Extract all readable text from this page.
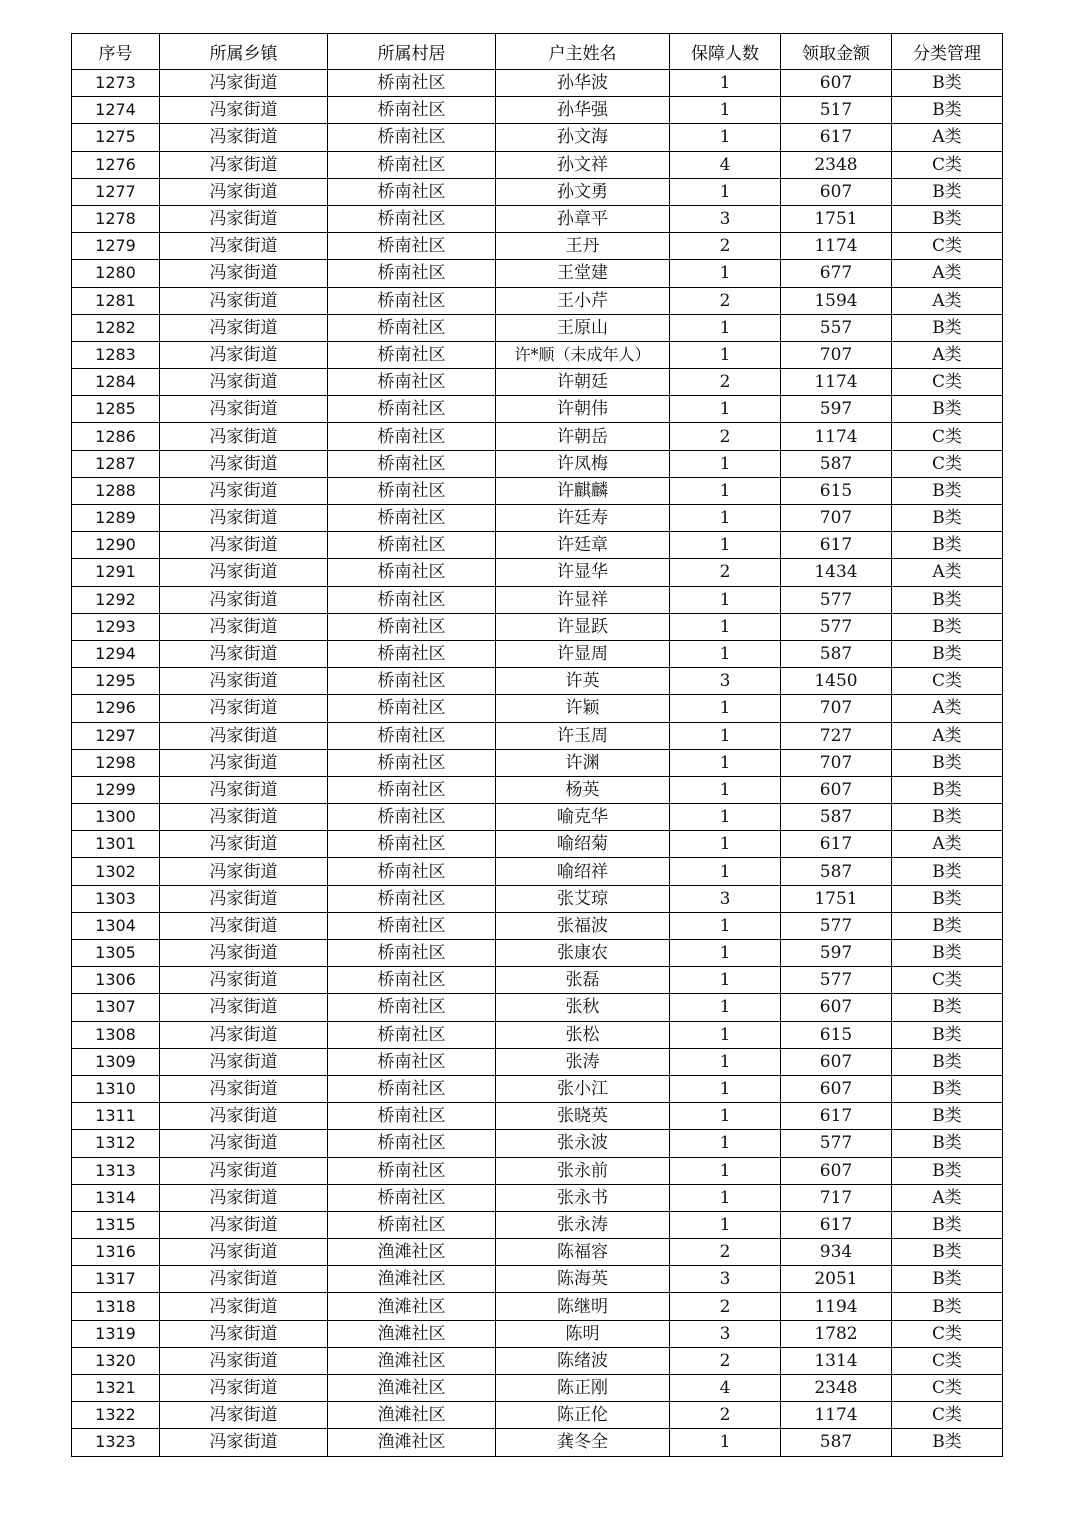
序号	所属乡镇	所属村居	户主姓名	保障人数	领取金额	分类管理
1273	冯家街道	桥南社区	孙华波	1	607	B类
1274	冯家街道	桥南社区	孙华强	1	517	B类
1275	冯家街道	桥南社区	孙文海	1	617	A类
1276	冯家街道	桥南社区	孙文祥	4	2348	C类
1277	冯家街道	桥南社区	孙文勇	1	607	B类
1278	冯家街道	桥南社区	孙章平	3	1751	B类
1279	冯家街道	桥南社区	王丹	2	1174	C类
1280	冯家街道	桥南社区	王堂建	1	677	A类
1281	冯家街道	桥南社区	王小芹	2	1594	A类
1282	冯家街道	桥南社区	王原山	1	557	B类
1283	冯家街道	桥南社区	许*顺（未成年人）	1	707	A类
1284	冯家街道	桥南社区	许朝廷	2	1174	C类
1285	冯家街道	桥南社区	许朝伟	1	597	B类
1286	冯家街道	桥南社区	许朝岳	2	1174	C类
1287	冯家街道	桥南社区	许凤梅	1	587	C类
1288	冯家街道	桥南社区	许麒麟	1	615	B类
1289	冯家街道	桥南社区	许廷寿	1	707	B类
1290	冯家街道	桥南社区	许廷章	1	617	B类
1291	冯家街道	桥南社区	许显华	2	1434	A类
1292	冯家街道	桥南社区	许显祥	1	577	B类
1293	冯家街道	桥南社区	许显跃	1	577	B类
1294	冯家街道	桥南社区	许显周	1	587	B类
1295	冯家街道	桥南社区	许英	3	1450	C类
1296	冯家街道	桥南社区	许颖	1	707	A类
1297	冯家街道	桥南社区	许玉周	1	727	A类
1298	冯家街道	桥南社区	许渊	1	707	B类
1299	冯家街道	桥南社区	杨英	1	607	B类
1300	冯家街道	桥南社区	喻克华	1	587	B类
1301	冯家街道	桥南社区	喻绍菊	1	617	A类
1302	冯家街道	桥南社区	喻绍祥	1	587	B类
1303	冯家街道	桥南社区	张艾琼	3	1751	B类
1304	冯家街道	桥南社区	张福波	1	577	B类
1305	冯家街道	桥南社区	张康农	1	597	B类
1306	冯家街道	桥南社区	张磊	1	577	C类
1307	冯家街道	桥南社区	张秋	1	607	B类
1308	冯家街道	桥南社区	张松	1	615	B类
1309	冯家街道	桥南社区	张涛	1	607	B类
1310	冯家街道	桥南社区	张小江	1	607	B类
1311	冯家街道	桥南社区	张晓英	1	617	B类
1312	冯家街道	桥南社区	张永波	1	577	B类
1313	冯家街道	桥南社区	张永前	1	607	B类
1314	冯家街道	桥南社区	张永书	1	717	A类
1315	冯家街道	桥南社区	张永涛	1	617	B类
1316	冯家街道	渔滩社区	陈福容	2	934	B类
1317	冯家街道	渔滩社区	陈海英	3	2051	B类
1318	冯家街道	渔滩社区	陈继明	2	1194	B类
1319	冯家街道	渔滩社区	陈明	3	1782	C类
1320	冯家街道	渔滩社区	陈绪波	2	1314	C类
1321	冯家街道	渔滩社区	陈正刚	4	2348	C类
1322	冯家街道	渔滩社区	陈正伦	2	1174	C类
1323	冯家街道	渔滩社区	龚冬全	1	587	B类
